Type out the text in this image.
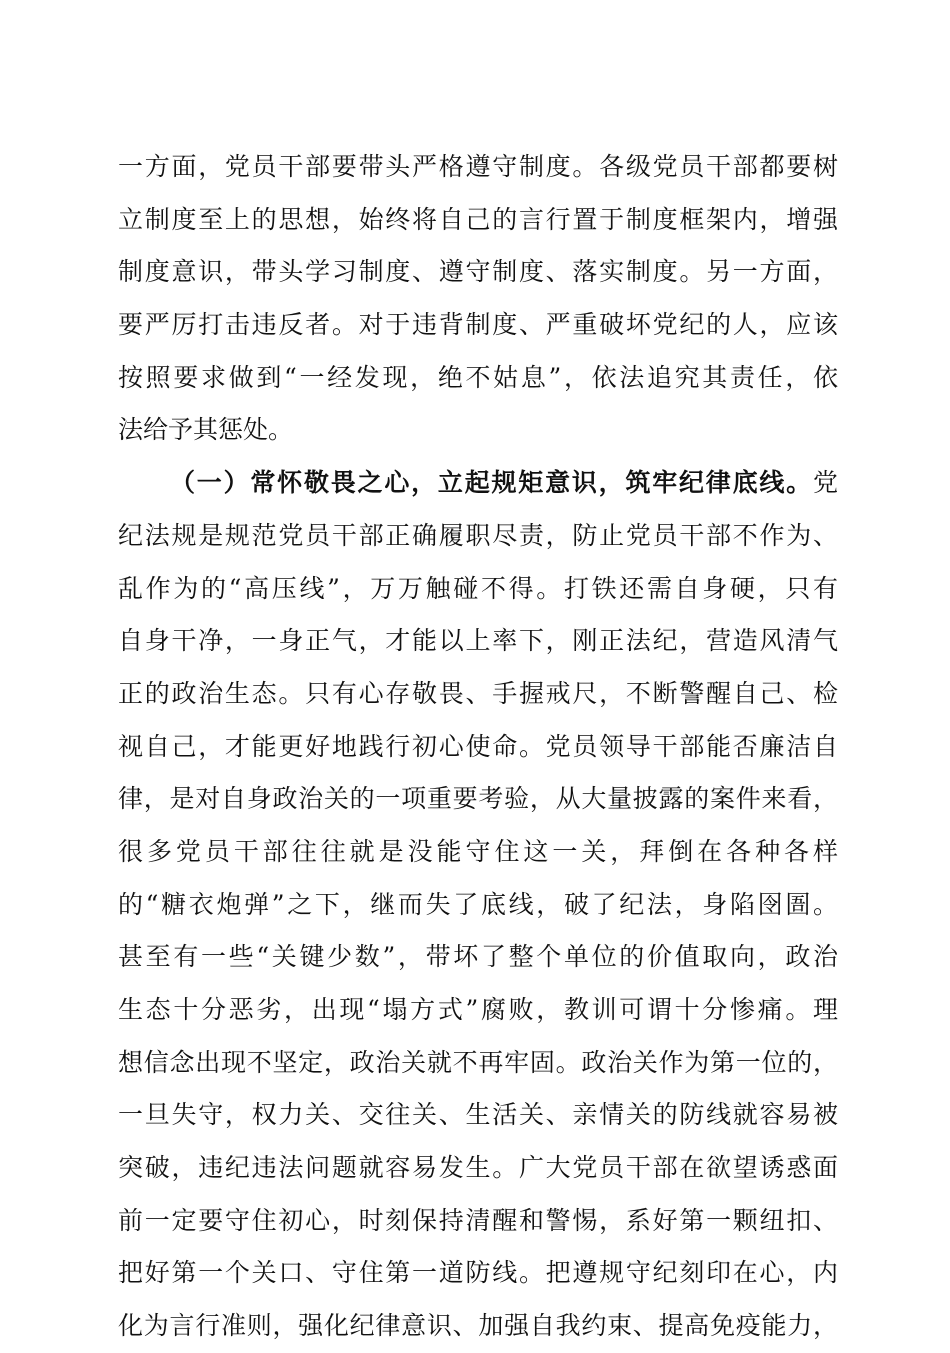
一方面，党员干部要带头严格遵守制度。各级党员干部都要树
立制度至上的思想，始终将自己的言行置于制度框架内，增强
制度意识，带头学习制度、遵守制度、落实制度。另一方面，
要严厉打击违反者。对于违背制度、严重破坏党纪的人，应该
按照要求做到“一经发现，绝不姑息”，依法追究其责任，依
法给予其惩处。
（一）常怀敬畏之心，立起规矩意识，筑牢纪律底线。党
纪法规是规范党员干部正确履职尽责，防止党员干部不作为、
乱作为的“高压线”，万万触碰不得。打铁还需自身硬，只有
自身干净，一身正气，才能以上率下，刚正法纪，营造风清气
正的政治生态。只有心存敬畏、手握戒尺，不断警醒自己、检
视自己，才能更好地践行初心使命。党员领导干部能否廉洁自
律，是对自身政治关的一项重要考验，从大量披露的案件来看，
很多党员干部往往就是没能守住这一关，拜倒在各种各样
的“糖衣炮弹”之下，继而失了底线，破了纪法，身陷囹圄。
甚至有一些“关键少数”，带坏了整个单位的价值取向，政治
生态十分恶劣，出现“塌方式”腐败，教训可谓十分惨痛。理
想信念出现不坚定，政治关就不再牢固。政治关作为第一位的，
一旦失守，权力关、交往关、生活关、亲情关的防线就容易被
突破，违纪违法问题就容易发生。广大党员干部在欲望诱惑面
前一定要守住初心，时刻保持清醒和警惕，系好第一颗纽扣、
把好第一个关口、守住第一道防线。把遵规守纪刻印在心，内
化为言行准则，强化纪律意识、加强自我约束、提高免疫能力，
